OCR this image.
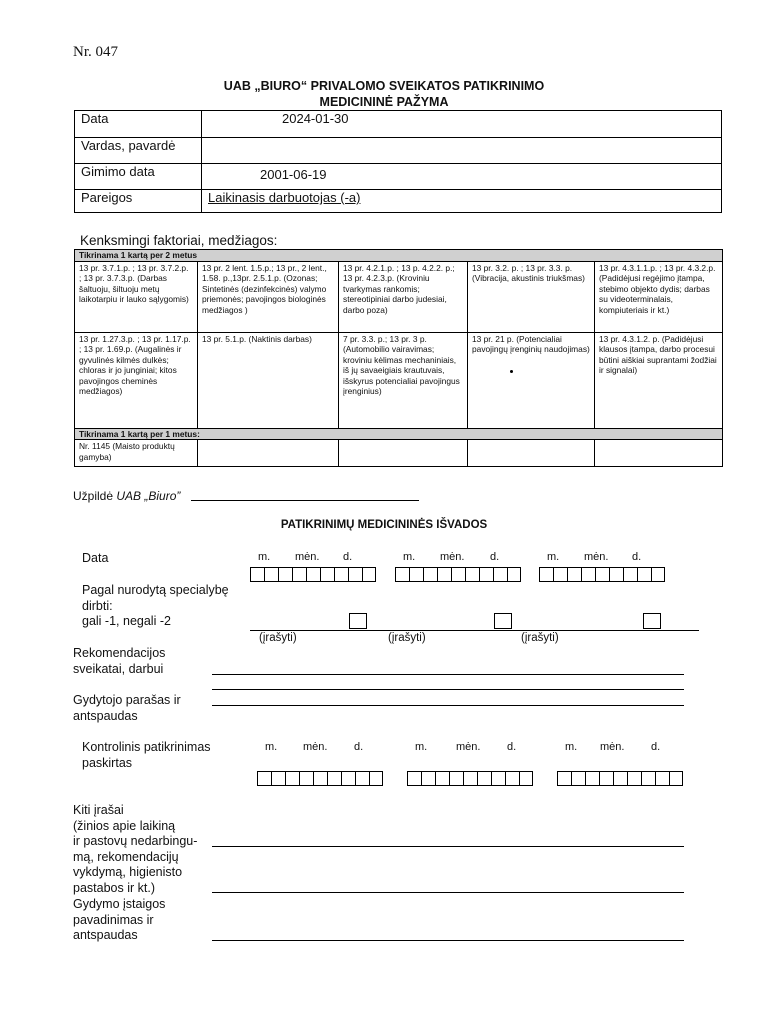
Nr. 047
UAB „BIURO“ PRIVALOMO SVEIKATOS PATIKRINIMO
MEDICININĖ PAŽYMA
Data	2024-01-30
Vardas, pavardė	
Gimimo data	2001-06-19
Pareigos	Laikinasis darbuotojas (-a)
Kenksmingi faktoriai, medžiagos:
Tikrinama 1 kartą per 2 metus				
13 pr. 3.7.1.p. ; 13 pr. 3.7.2.p. ; 13 pr. 3.7.3.p. (Darbas šaltuoju, šiltuoju metų laikotarpiu ir lauko sąlygomis)	13 pr. 2 lent. 1.5.p.; 13 pr., 2 lent., 1.58. p.,13pr. 2.5.1.p. (Ozonas; Sintetinės (dezinfekcinės) valymo priemonės; pavojingos biologinės medžiagos )	13 pr. 4.2.1.p. ; 13 p. 4.2.2. p.; 13 pr. 4.2.3.p. (Kroviniu tvarkymas rankomis; stereotipiniai darbo judesiai, darbo poza)	13 pr. 3.2. p. ; 13 pr. 3.3. p. (Vibracija, akustinis triukšmas)	13 pr. 4.3.1.1.p. ; 13 pr. 4.3.2.p. (Padidėjusi regėjimo įtampa, stebimo objekto dydis; darbas su videoterminalais, kompiuteriais ir kt.)
13 pr. 1.27.3.p. ; 13 pr. 1.17.p. ; 13 pr. 1.69.p. (Augalinės ir gyvulinės kilmės dulkės; chloras ir jo junginiai; kitos pavojingos cheminės medžiagos)	13 pr. 5.1.p. (Naktinis darbas)	7 pr. 3.3. p.; 13 pr. 3 p. (Automobilio vairavimas; kroviniu kėlimas mechaniniais, iš jų savaeigiais krautuvais, išskyrus potencialiai pavojingus įrenginius)	13 pr. 21 p. (Potencialiai pavojingų įrenginių naudojimas)	13 pr. 4.3.1.2. p. (Padidėjusi klausos įtampa, darbo procesui būtini aiškiai suprantami žodžiai ir signalai)
Tikrinama 1 kartą per 1 metus:				
Nr. 1145 (Maisto produktų gamyba)				
Užpildė UAB „Biuro”
PATIKRINIMŲ MEDICININĖS IŠVADOS
Data	m. mėn. d.	m. mėn. d.	m. mėn. d.
Pagal nurodytą specialybę
dirbti:
gali -1, negali -2
(įrašyti)	(įrašyti)	(įrašyti)
Rekomendacijos
sveikatai, darbui
Gydytojo parašas ir
antspaudas
Kontrolinis patikrinimas
paskirtas
m. mėn. d.	m.	mėn. d.	m. mėn. d.
Kiti įrašai
(žinios apie laikiną
ir pastovų nedarbingu-
mą, rekomendacijų
vykdymą, higienisto
pastabos ir kt.)
Gydymo įstaigos
pavadinimas ir
antspaudas
